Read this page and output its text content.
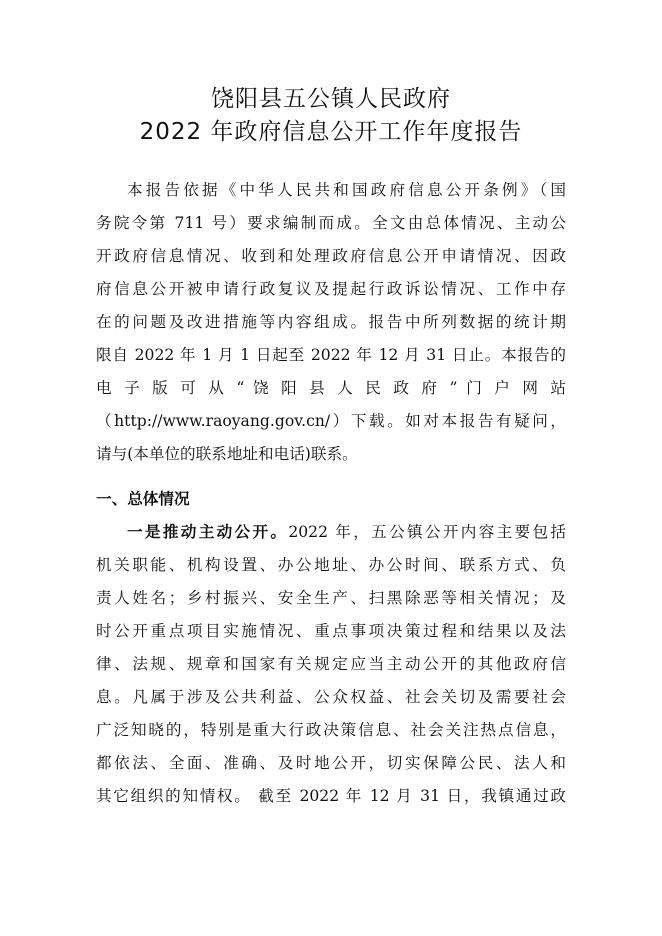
饶阳县五公镇人民政府
2022 年政府信息公开工作年度报告
本报告依据《中华人民共和国政府信息公开条例》（国
务院令第 711 号）要求编制而成。全文由总体情况、主动公
开政府信息情况、收到和处理政府信息公开申请情况、因政
府信息公开被申请行政复议及提起行政诉讼情况、工作中存
在的问题及改进措施等内容组成。报告中所列数据的统计期
限自 2022 年 1 月 1 日起至 2022 年 12 月 31 日止。本报告的
电 子 版 可 从 “ 饶 阳 县 人 民 政 府 ” 门 户 网 站
（http://www.raoyang.gov.cn/）下载。如对本报告有疑问，
请与(本单位的联系地址和电话)联系。
一、总体情况
一是推动主动公开。2022 年，五公镇公开内容主要包括
机关职能、机构设置、办公地址、办公时间、联系方式、负
责人姓名；乡村振兴、安全生产、扫黑除恶等相关情况；及
时公开重点项目实施情况、重点事项决策过程和结果以及法
律、法规、规章和国家有关规定应当主动公开的其他政府信
息。凡属于涉及公共利益、公众权益、社会关切及需要社会
广泛知晓的，特别是重大行政决策信息、社会关注热点信息，
都依法、全面、准确、及时地公开，切实保障公民、法人和
其它组织的知情权。 截至 2022 年 12 月 31 日，我镇通过政
